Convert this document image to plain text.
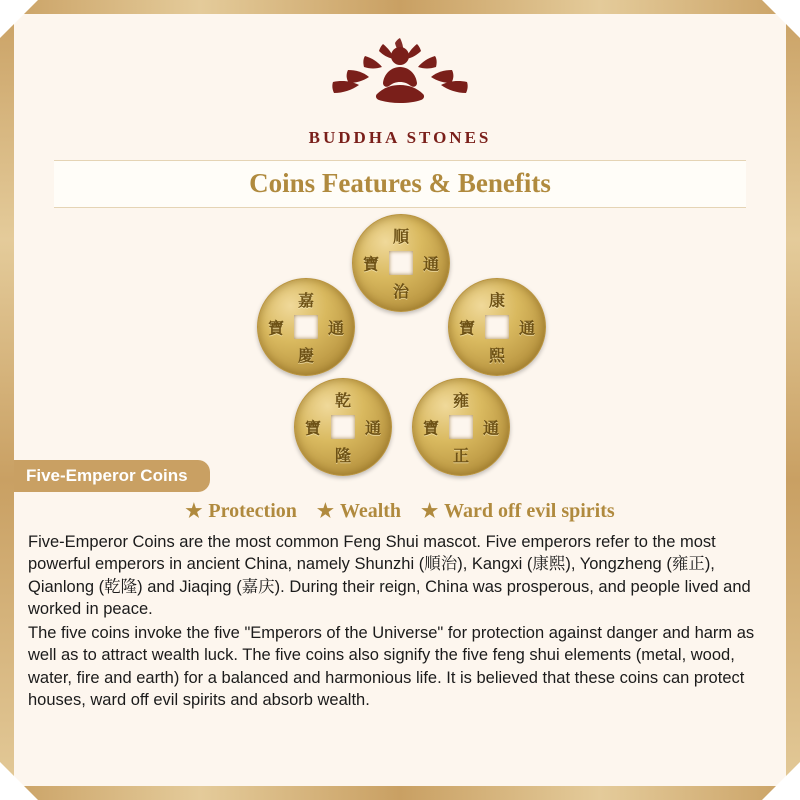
BUDDHA STONES
Coins Features & Benefits
順
通
治
寶
康
通
熙
寶
雍
通
正
寶
乾
通
隆
寶
嘉
通
慶
寶
Five-Emperor Coins
★ Protection ★ Wealth ★ Ward off evil spirits

Five-Emperor Coins are the most common Feng Shui mascot. Five emperors refer to the most powerful emperors in ancient China, namely Shunzhi (順治), Kangxi (康熙), Yongzheng (雍正), Qianlong (乾隆) and Jiaqing (嘉庆). During their reign, China was prosperous, and people lived and worked in peace.

The five coins invoke the five "Emperors of the Universe" for protection against danger and harm as well as to attract wealth luck. The five coins also signify the five feng shui elements (metal, wood, water, fire and earth) for a balanced and harmonious life. It is believed that these coins can protect houses, ward off evil spirits and absorb wealth.
